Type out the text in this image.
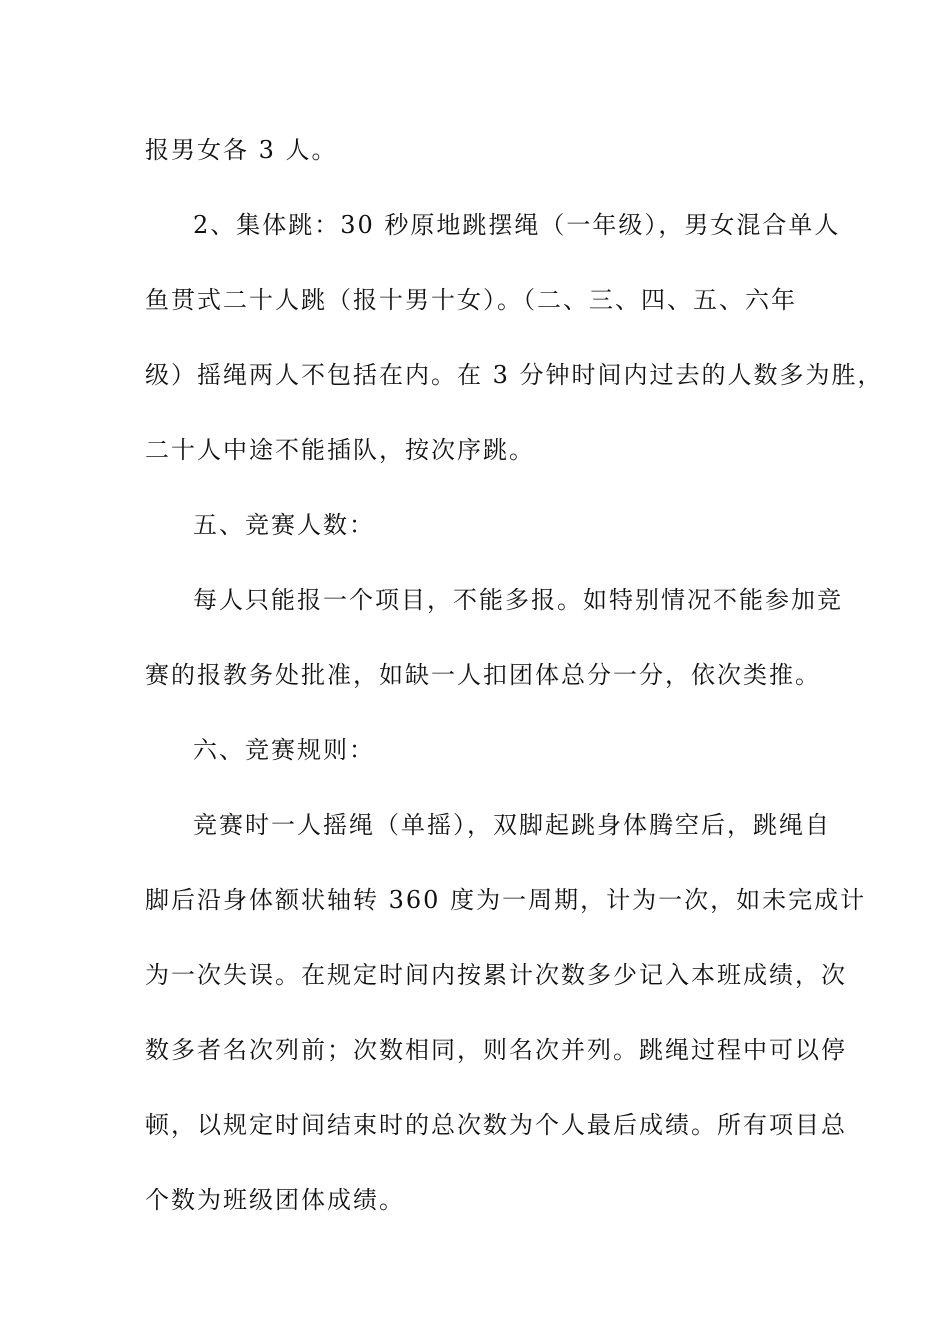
报男女各 3 人。
2、集体跳：30 秒原地跳摆绳（一年级），男女混合单人
鱼贯式二十人跳（报十男十女）。（二、三、四、五、六年
级）摇绳两人不包括在内。在 3 分钟时间内过去的人数多为胜，
二十人中途不能插队，按次序跳。
五、竞赛人数：
每人只能报一个项目，不能多报。如特别情况不能参加竞
赛的报教务处批准，如缺一人扣团体总分一分，依次类推。
六、竞赛规则：
竞赛时一人摇绳（单摇），双脚起跳身体腾空后，跳绳自
脚后沿身体额状轴转 360 度为一周期，计为一次，如未完成计
为一次失误。在规定时间内按累计次数多少记入本班成绩，次
数多者名次列前；次数相同，则名次并列。跳绳过程中可以停
顿，以规定时间结束时的总次数为个人最后成绩。所有项目总
个数为班级团体成绩。
